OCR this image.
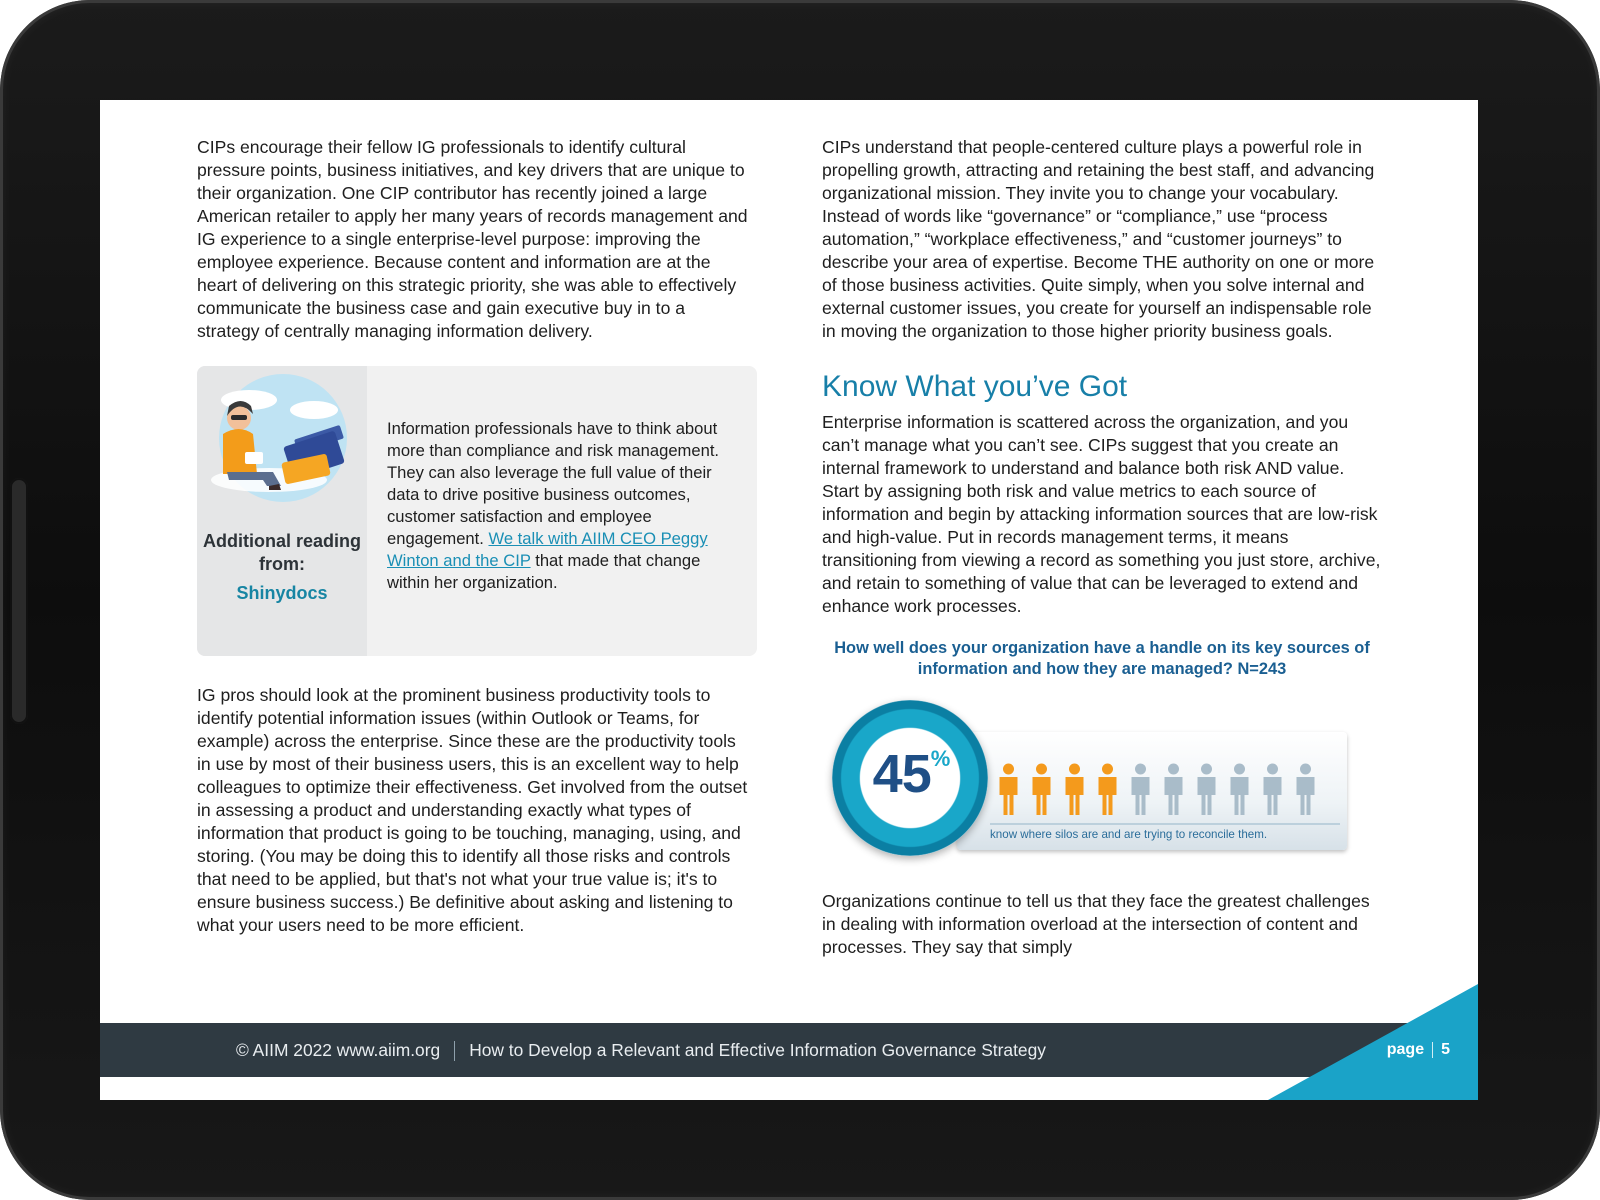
CIPs encourage their fellow IG professionals to identify cultural pressure points, business initiatives, and key drivers that are unique to their organization. One CIP contributor has recently joined a large American retailer to apply her many years of records management and IG experience to a single enterprise-level purpose: improving the employee experience. Because content and information are at the heart of delivering on this strategic priority, she was able to effectively communicate the business case and gain executive buy in to a strategy of centrally managing information delivery.

Additional reading from:
Shinydocs
Information professionals have to think about more than compliance and risk management. They can also leverage the full value of their data to drive positive business outcomes, customer satisfaction and employee engagement. We talk with AIIM CEO Peggy Winton and the CIP that made that change within her organization.

IG pros should look at the prominent business productivity tools to identify potential information issues (within Outlook or Teams, for example) across the enterprise. Since these are the productivity tools in use by most of their business users, this is an excellent way to help colleagues to optimize their effectiveness. Get involved from the outset in assessing a product and understanding exactly what types of information that product is going to be touching, managing, using, and storing. (You may be doing this to identify all those risks and controls that need to be applied, but that's not what your true value is; it's to ensure business success.) Be definitive about asking and listening to what your users need to be more efficient.

CIPs understand that people-centered culture plays a powerful role in propelling growth, attracting and retaining the best staff, and advancing organizational mission. They invite you to change your vocabulary. Instead of words like “governance” or “compliance,” use “process automation,” “workplace effectiveness,” and “customer journeys” to describe your area of expertise. Become THE authority on one or more of those business activities. Quite simply, when you solve internal and external customer issues, you create for yourself an indispensable role in moving the organization to those higher priority business goals.

Know What you’ve Got

Enterprise information is scattered across the organization, and you can’t manage what you can’t see. CIPs suggest that you create an internal framework to understand and balance both risk AND value. Start by assigning both risk and value metrics to each source of information and begin by attacking information sources that are low-risk and high-value. Put in records management terms, it means transitioning from viewing a record as something you just store, archive, and retain to something of value that can be leveraged to extend and enhance work processes.

How well does your organization have a handle on its key sources of information and how they are managed? N=243
45%
know where silos are and are trying to reconcile them.

Organizations continue to tell us that they face the greatest challenges in dealing with information overload at the intersection of content and processes. They say that simply

© AIIM 2022 www.aiim.org How to Develop a Relevant and Effective Information Governance Strategy	page 5
